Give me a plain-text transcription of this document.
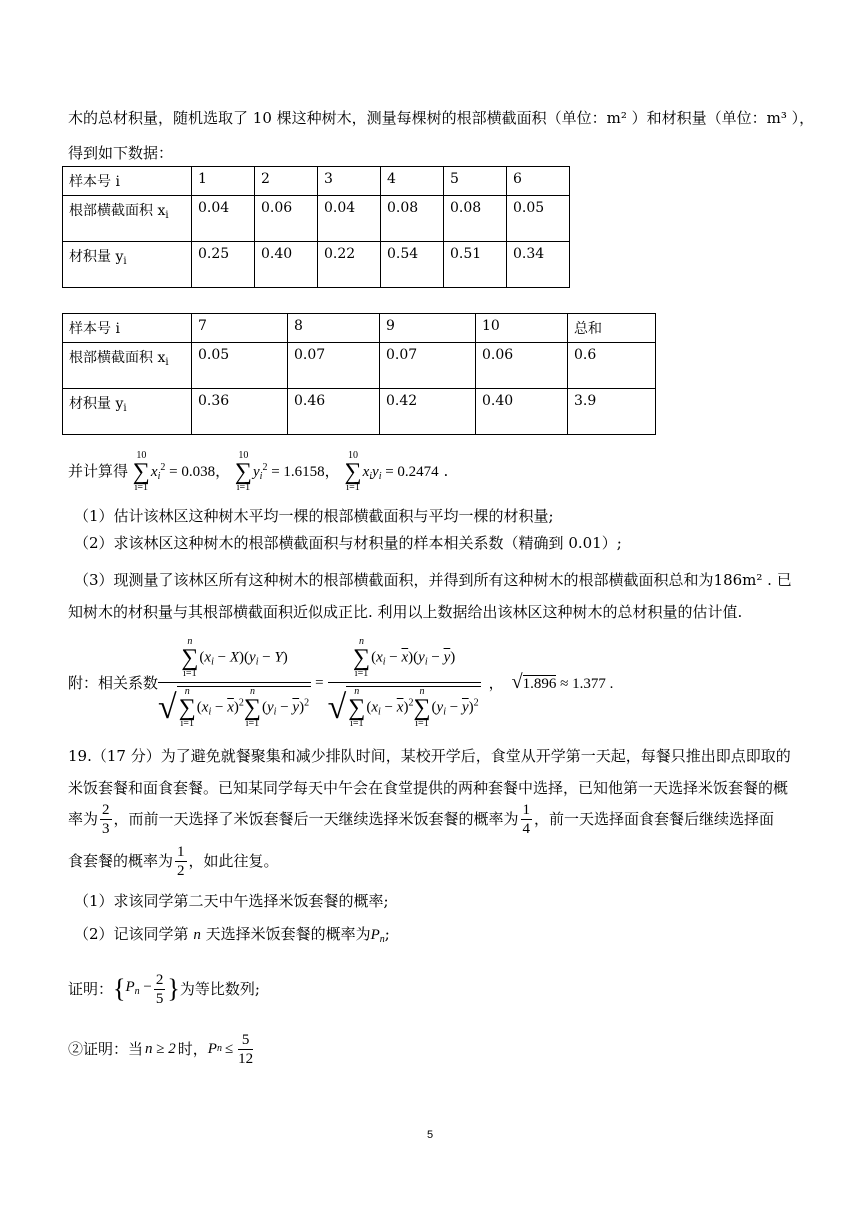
木的总材积量，随机选取了 10 棵这种树木，测量每棵树的根部横截面积（单位：m² ）和材积量（单位：m³ ），
得到如下数据：
样本号 i	1	2	3	4	5	6
根部横截面积 $x_i$	0.04	0.06	0.04	0.08	0.08	0.05
材积量 $y_i$	0.25	0.40	0.22	0.54	0.51	0.34
样本号 i	7	8	9	10	总和
根部横截面积 $x_i$	0.05	0.07	0.07	0.06	0.6
材积量 $y_i$	0.36	0.46	0.42	0.40	3.9
并计算得
10
∑
i=1
$x_i^2 = 0.038$，
10
∑
i=1
$y_i^2 = 1.6158$，
10
∑
i=1
$x_iy_i = 0.2474$ .
（1）估计该林区这种树木平均一棵的根部横截面积与平均一棵的材积量;
（2）求该林区这种树木的根部横截面积与材积量的样本相关系数（精确到 0.01）;
（3）现测量了该林区所有这种树木的根部横截面积，并得到所有这种树木的根部横截面积总和为186m² . 已
知树木的材积量与其根部横截面积近似成正比. 利用以上数据给出该林区这种树木的总材积量的估计值.
附：相关系数 n
∑
i=1
$(x_i - X)(y_i - Y)$
√ n
∑
i=1
$(x_i - \overline{x})^2$
n
∑
i=1
$(y_i - \overline{y})^2 = n$
∑
i=1
$(x_i - \overline{x})(y_i - \overline{y})$
√ n
∑
i=1
$(x_i - \overline{x})^2$
n
∑
i=1
$(y_i - \overline{y})^2$ ， √1.896 ≈ 1.377 .
19.（17 分）为了避免就餐聚集和减少排队时间，某校开学后，食堂从开学第一天起，每餐只推出即点即取的
米饭套餐和面食套餐。已知某同学每天中午会在食堂提供的两种套餐中选择，已知他第一天选择米饭套餐的概
率为 $\frac{2}{3}$ ，而前一天选择了米饭套餐后一天继续选择米饭套餐的概率为 $\frac{1}{4}$ ，前一天选择面食套餐后继续选择面
食套餐的概率为 $\frac{1}{2}$ ，如此往复。
（1）求该同学第二天中午选择米饭套餐的概率;
（2）记该同学第 n 天选择米饭套餐的概率为$P_n$;
证明： { $P_n - \frac{2}{5}$ } 为等比数列;
②证明：当 n ≥ 2 时， P $n \le \frac{5}{12}$
5
